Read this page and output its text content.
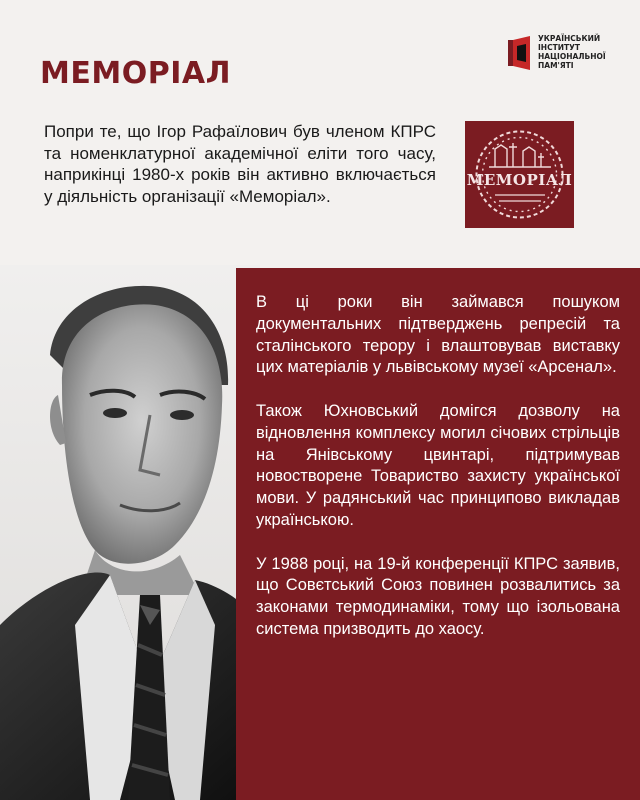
МЕМОРІАЛ
УКРАЇНСЬКИЙ
ІНСТИТУТ
НАЦІОНАЛЬНОЇ
ПАМ'ЯТІ

Попри те, що Ігор Рафаїлович був членом КПРС та номенклатурної академічної еліти того часу, наприкінці 1980-х років він активно включається у діяльність організації «Меморіал».

МЕМОРІАЛ

В ці роки він займався пошуком документальних підтверджень репресій та сталінського терору і влаштовував виставку цих матеріалів у львівському музеї «Арсенал».

Також Юхновський домігся дозволу на відновлення комплексу могил січових стрільців на Янівському цвинтарі, підтримував новостворене Товариство захисту української мови. У радянський час принципово викладав українською.

У 1988 році, на 19-й конференції КПРС заявив, що Совєтський Союз повинен розвалитись за законами термодинаміки, тому що ізольована система призводить до хаосу.
